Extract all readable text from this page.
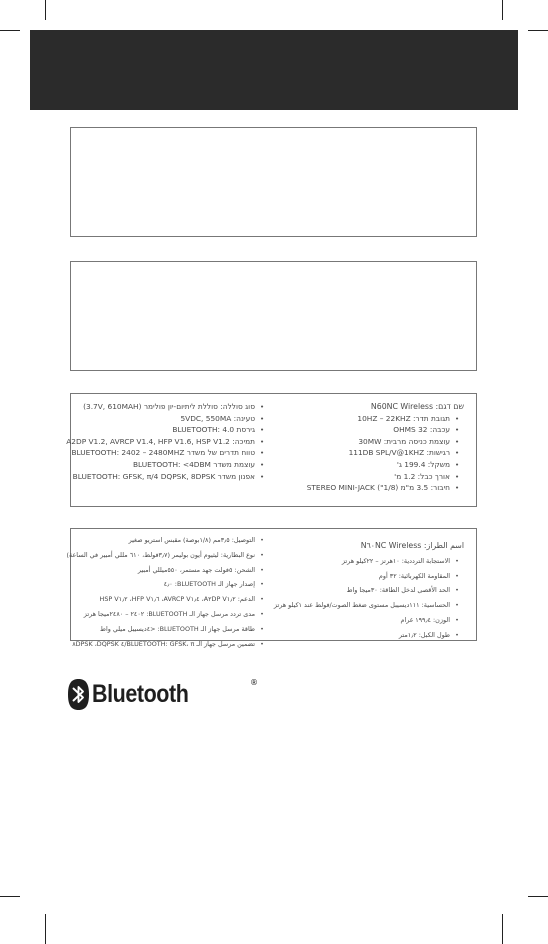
שם דגם: N60NC Wireless
•תגובת תדר: 10HZ – 22KHZ
•עכבה: 32 OHMS
•עוצמת כניסה מרבית: 30MW
•רגישות: 111DB SPL/V@1KHZ
•משקל: 199.4 ג'
•אורך כבל: 1.2 מ'
•חיבור: 3.5 מ"מ (1/8") STEREO MINI-JACK
•סוג סוללה: סוללת ליתיום-יון פולימר (3.7V, 610MAH)
•טעינה: 5VDC, 550MA
•גירסת BLUETOOTH: 4.0
•תמיכה: A2DP V1.2, AVRCP V1.4, HFP V1.6, HSP V1.2
•טווח תדרים של משדר BLUETOOTH: 2402 – 2480MHZ
•עוצמת משדר BLUETOOTH: <4DBM
•אפנון משדר BLUETOOTH: GFSK, π/4 DQPSK, 8DPSK
اسم الطراز: N٦٠NC Wireless
•الاستجابة الترددية: ١٠هرتز – ٢٢كيلو هرتز
•المقاومة الكهربائية: ٣٢ أوم
•الحد الأقصى لدخل الطاقة: ٣٠ميجا واط
•الحساسية: ١١١ديسيبل مستوى ضغط الصوت/فولط عند ١كيلو هرتز
•الوزن: ١٩٩٫٤ غرام
•طول الكبل: ١٫٢متر
•التوصيل: ٣٫٥مم (١/٨بوصة) مقبس استريو صغير
•نوع البطارية: ليثيوم أيون بوليمر (٣٫٧فولط، ٦١٠ مللي أمبير في الساعة)
•الشحن: ٥فولت جهد مستمر، ٥٥٠ميللي أمبير
•إصدار جهاز الـ BLUETOOTH: ٤٫٠
•الدعم: A٢DP V١٫٢، AVRCP V١٫٤، HFP V١٫٦، HSP V١٫٢
•مدى تردد مرسل جهاز الـ BLUETOOTH: ٢٤٠٢ – ٢٤٨٠ميجا هرتز
•طاقة مرسل جهاز الـ BLUETOOTH: <٤ديسيبل ميلي واط
•تضمين مرسل جهاز الـ BLUETOOTH: GFSK، π/٤ DQPSK، ٨DPSK
Bluetooth	®
